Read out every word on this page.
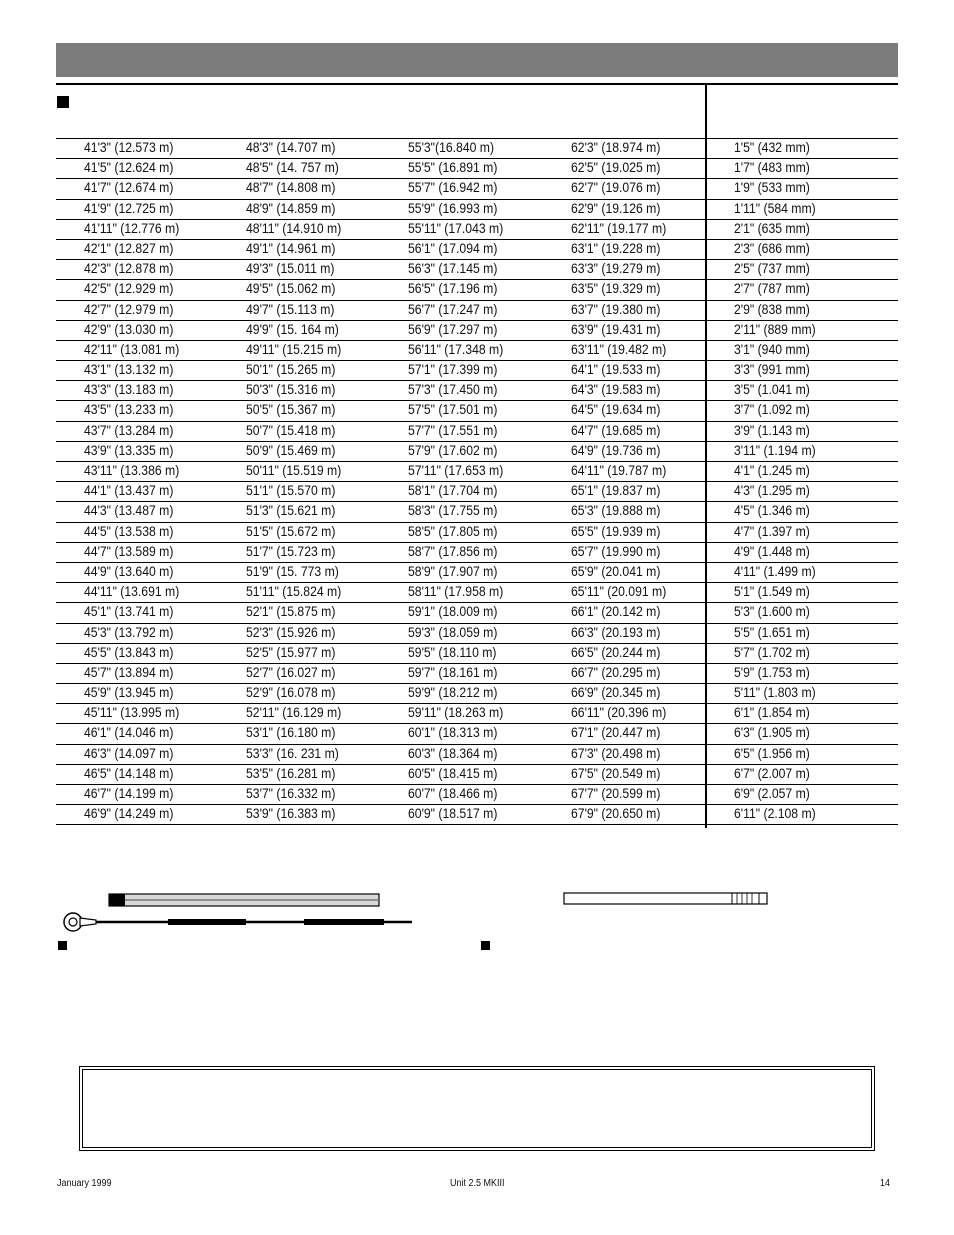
41'3" (12.573 m)	48'3" (14.707 m)	55'3"(16.840 m)	62'3" (18.974 m)	1'5" (432 mm)
41'5" (12.624 m)	48'5" (14. 757 m)	55'5" (16.891 m)	62'5" (19.025 m)	1'7" (483 mm)
41'7" (12.674 m)	48'7" (14.808 m)	55'7" (16.942 m)	62'7" (19.076 m)	1'9" (533 mm)
41'9" (12.725 m)	48'9" (14.859 m)	55'9" (16.993 m)	62'9" (19.126 m)	1'11" (584 mm)
41'11" (12.776 m)	48'11" (14.910 m)	55'11" (17.043 m)	62'11" (19.177 m)	2'1" (635 mm)
42'1" (12.827 m)	49'1" (14.961 m)	56'1" (17.094 m)	63'1" (19.228 m)	2'3" (686 mm)
42'3" (12.878 m)	49'3" (15.011 m)	56'3" (17.145 m)	63'3" (19.279 m)	2'5" (737 mm)
42'5" (12.929 m)	49'5" (15.062 m)	56'5" (17.196 m)	63'5" (19.329 m)	2'7" (787 mm)
42'7" (12.979 m)	49'7" (15.113 m)	56'7" (17.247 m)	63'7" (19.380 m)	2'9" (838 mm)
42'9" (13.030 m)	49'9" (15. 164 m)	56'9" (17.297 m)	63'9" (19.431 m)	2'11" (889 mm)
42'11" (13.081 m)	49'11" (15.215 m)	56'11" (17.348 m)	63'11" (19.482 m)	3'1" (940 mm)
43'1" (13.132 m)	50'1" (15.265 m)	57'1" (17.399 m)	64'1" (19.533 m)	3'3" (991 mm)
43'3" (13.183 m)	50'3" (15.316 m)	57'3" (17.450 m)	64'3" (19.583 m)	3'5" (1.041 m)
43'5" (13.233 m)	50'5" (15.367 m)	57'5" (17.501 m)	64'5" (19.634 m)	3'7" (1.092 m)
43'7" (13.284 m)	50'7" (15.418 m)	57'7" (17.551 m)	64'7" (19.685 m)	3'9" (1.143 m)
43'9" (13.335 m)	50'9" (15.469 m)	57'9" (17.602 m)	64'9" (19.736 m)	3'11" (1.194 m)
43'11" (13.386 m)	50'11" (15.519 m)	57'11" (17.653 m)	64'11" (19.787 m)	4'1" (1.245 m)
44'1" (13.437 m)	51'1" (15.570 m)	58'1" (17.704 m)	65'1" (19.837 m)	4'3" (1.295 m)
44'3" (13.487 m)	51'3" (15.621 m)	58'3" (17.755 m)	65'3" (19.888 m)	4'5" (1.346 m)
44'5" (13.538 m)	51'5" (15.672 m)	58'5" (17.805 m)	65'5" (19.939 m)	4'7" (1.397 m)
44'7" (13.589 m)	51'7" (15.723 m)	58'7" (17.856 m)	65'7" (19.990 m)	4'9" (1.448 m)
44'9" (13.640 m)	51'9" (15. 773 m)	58'9" (17.907 m)	65'9" (20.041 m)	4'11" (1.499 m)
44'11" (13.691 m)	51'11" (15.824 m)	58'11" (17.958 m)	65'11" (20.091 m)	5'1" (1.549 m)
45'1" (13.741 m)	52'1" (15.875 m)	59'1" (18.009 m)	66'1" (20.142 m)	5'3" (1.600 m)
45'3" (13.792 m)	52'3" (15.926 m)	59'3" (18.059 m)	66'3" (20.193 m)	5'5" (1.651 m)
45'5" (13.843 m)	52'5" (15.977 m)	59'5" (18.110 m)	66'5" (20.244 m)	5'7" (1.702 m)
45'7" (13.894 m)	52'7" (16.027 m)	59'7" (18.161 m)	66'7" (20.295 m)	5'9" (1.753 m)
45'9" (13.945 m)	52'9" (16.078 m)	59'9" (18.212 m)	66'9" (20.345 m)	5'11" (1.803 m)
45'11" (13.995 m)	52'11" (16.129 m)	59'11" (18.263 m)	66'11" (20.396 m)	6'1" (1.854 m)
46'1" (14.046 m)	53'1" (16.180 m)	60'1" (18.313 m)	67'1" (20.447 m)	6'3" (1.905 m)
46'3" (14.097 m)	53'3" (16. 231 m)	60'3" (18.364 m)	67'3" (20.498 m)	6'5" (1.956 m)
46'5" (14.148 m)	53'5" (16.281 m)	60'5" (18.415 m)	67'5" (20.549 m)	6'7" (2.007 m)
46'7" (14.199 m)	53'7" (16.332 m)	60'7" (18.466 m)	67'7" (20.599 m)	6'9" (2.057 m)
46'9" (14.249 m)	53'9" (16.383 m)	60'9" (18.517 m)	67'9" (20.650 m)	6'11" (2.108 m)
January 1999	Unit 2.5 MKIII	14
